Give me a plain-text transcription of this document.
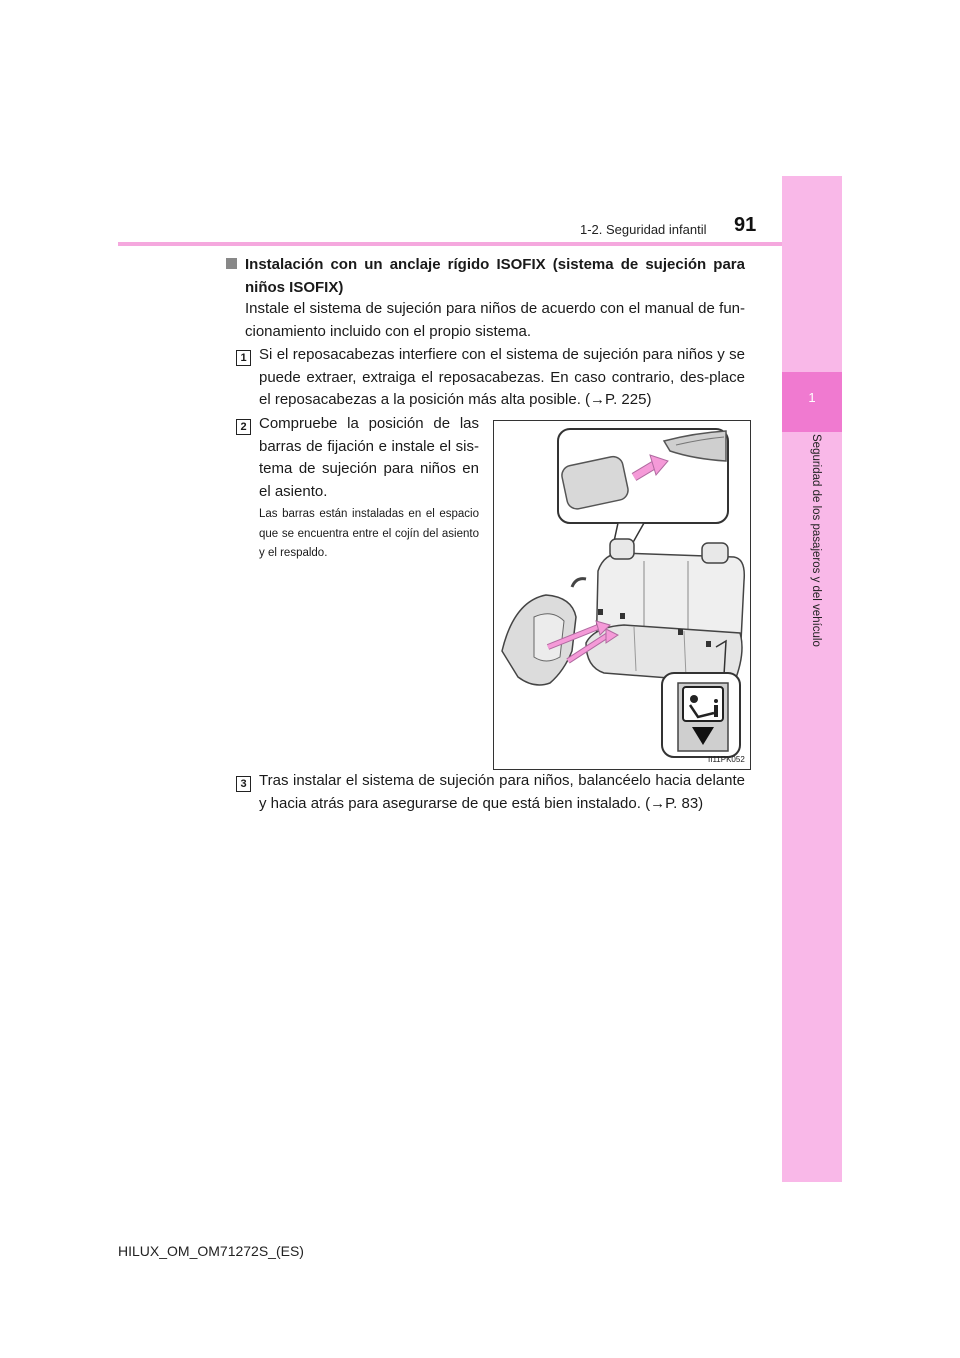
1
Seguridad de los pasajeros y del vehículo
1-2. Seguridad infantil 91
Instalación con un anclaje rígido ISOFIX (sistema de sujeción para niños ISOFIX)
Instale el sistema de sujeción para niños de acuerdo con el manual de fun-cionamiento incluido con el propio sistema.
1 Si el reposacabezas interfiere con el sistema de sujeción para niños y se puede extraer, extraiga el reposacabezas. En caso contrario, des-place el reposacabezas a la posición más alta posible. (→P. 225)
2 Compruebe la posición de las barras de fijación e instale el sis-tema de sujeción para niños en el asiento.
Las barras están instaladas en el espacio que se encuentra entre el cojín del asiento y el respaldo.
II11PK052
3 Tras instalar el sistema de sujeción para niños, balancéelo hacia delante y hacia atrás para asegurarse de que está bien instalado. (→P. 83)
HILUX_OM_OM71272S_(ES)
